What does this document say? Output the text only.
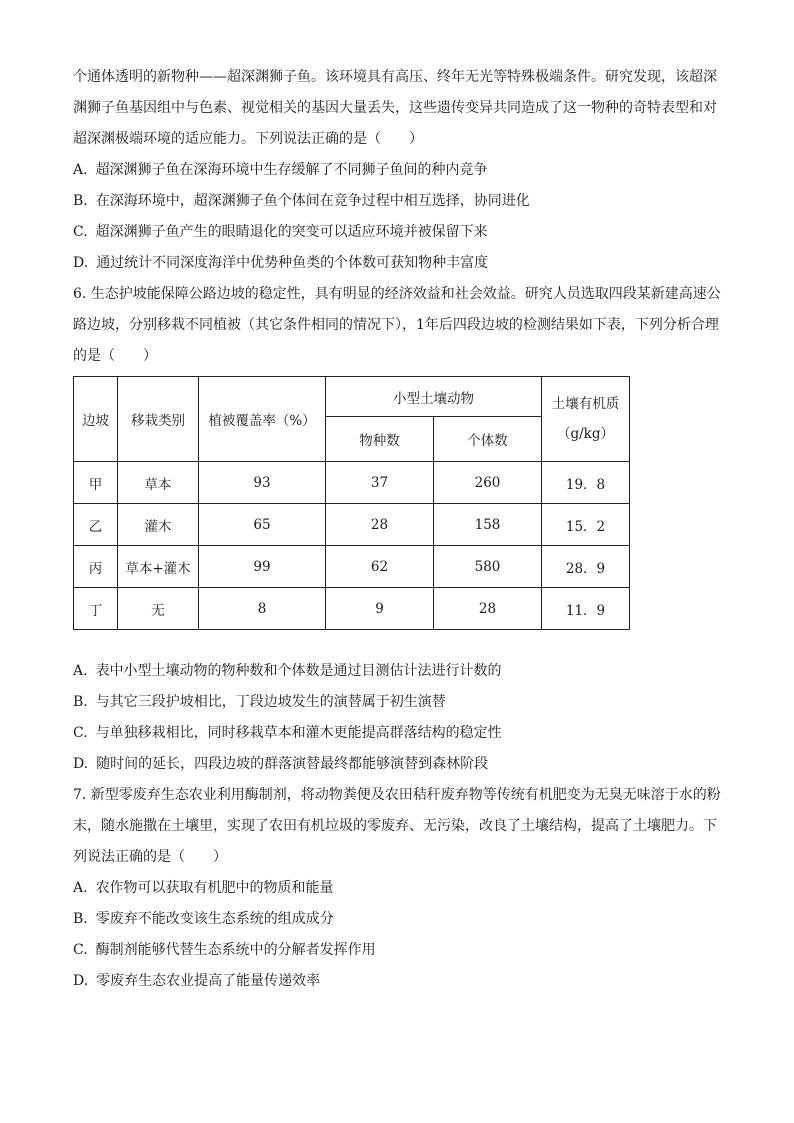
个通体透明的新物种——超深渊狮子鱼。该环境具有高压、终年无光等特殊极端条件。研究发现，该超深

渊狮子鱼基因组中与色素、视觉相关的基因大量丢失，这些遗传变异共同造成了这一物种的奇特表型和对

超深渊极端环境的适应能力。下列说法正确的是（　　）

A. 超深渊狮子鱼在深海环境中生存缓解了不同狮子鱼间的种内竞争

B. 在深海环境中，超深渊狮子鱼个体间在竞争过程中相互选择，协同进化

C. 超深渊狮子鱼产生的眼睛退化的突变可以适应环境并被保留下来

D. 通过统计不同深度海洋中优势种鱼类的个体数可获知物种丰富度

6. 生态护坡能保障公路边坡的稳定性，具有明显的经济效益和社会效益。研究人员选取四段某新建高速公

路边坡，分别移栽不同植被（其它条件相同的情况下），1年后四段边坡的检测结果如下表，下列分析合理

的是（　　）

边坡	移栽类别	植被覆盖率（%）	小型土壤动物		土壤有机质
（g/kg）

			物种数	个体数	
甲	草本	93	37	260	19．8
乙	灌木	65	28	158	15．2
丙	草本+灌木	99	62	580	28．9
丁	无	8	9	28	11．9

A. 表中小型土壤动物的物种数和个体数是通过目测估计法进行计数的

B. 与其它三段护坡相比，丁段边坡发生的演替属于初生演替

C. 与单独移栽相比，同时移栽草本和灌木更能提高群落结构的稳定性

D. 随时间的延长，四段边坡的群落演替最终都能够演替到森林阶段

7. 新型零废弃生态农业利用酶制剂，将动物粪便及农田秸秆废弃物等传统有机肥变为无臭无味溶于水的粉

末，随水施撒在土壤里，实现了农田有机垃圾的零废弃、无污染，改良了土壤结构，提高了土壤肥力。下

列说法正确的是（　　）

A. 农作物可以获取有机肥中的物质和能量

B. 零废弃不能改变该生态系统的组成成分

C. 酶制剂能够代替生态系统中的分解者发挥作用

D. 零废弃生态农业提高了能量传递效率
